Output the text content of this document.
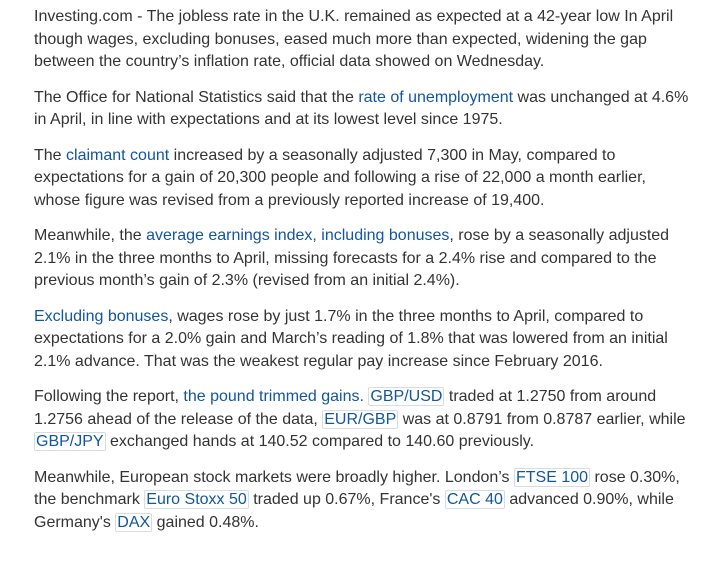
Investing.com - The jobless rate in the U.K. remained as expected at a 42-year low In April though wages, excluding bonuses, eased much more than expected, widening the gap between the country’s inflation rate, official data showed on Wednesday.

The Office for National Statistics said that the rate of unemployment was unchanged at 4.6% in April, in line with expectations and at its lowest level since 1975.

The claimant count increased by a seasonally adjusted 7,300 in May, compared to expectations for a gain of 20,300 people and following a rise of 22,000 a month earlier, whose figure was revised from a previously reported increase of 19,400.

Meanwhile, the average earnings index, including bonuses, rose by a seasonally adjusted 2.1% in the three months to April, missing forecasts for a 2.4% rise and compared to the previous month’s gain of 2.3% (revised from an initial 2.4%).

Excluding bonuses, wages rose by just 1.7% in the three months to April, compared to expectations for a 2.0% gain and March’s reading of 1.8% that was lowered from an initial 2.1% advance. That was the weakest regular pay increase since February 2016.

Following the report, the pound trimmed gains. GBP/USD traded at 1.2750 from around 1.2756 ahead of the release of the data, EUR/GBP was at 0.8791 from 0.8787 earlier, while GBP/JPY exchanged hands at 140.52 compared to 140.60 previously.

Meanwhile, European stock markets were broadly higher. London’s FTSE 100 rose 0.30%, the benchmark Euro Stoxx 50 traded up 0.67%, France's CAC 40 advanced 0.90%, while Germany's DAX gained 0.48%.
